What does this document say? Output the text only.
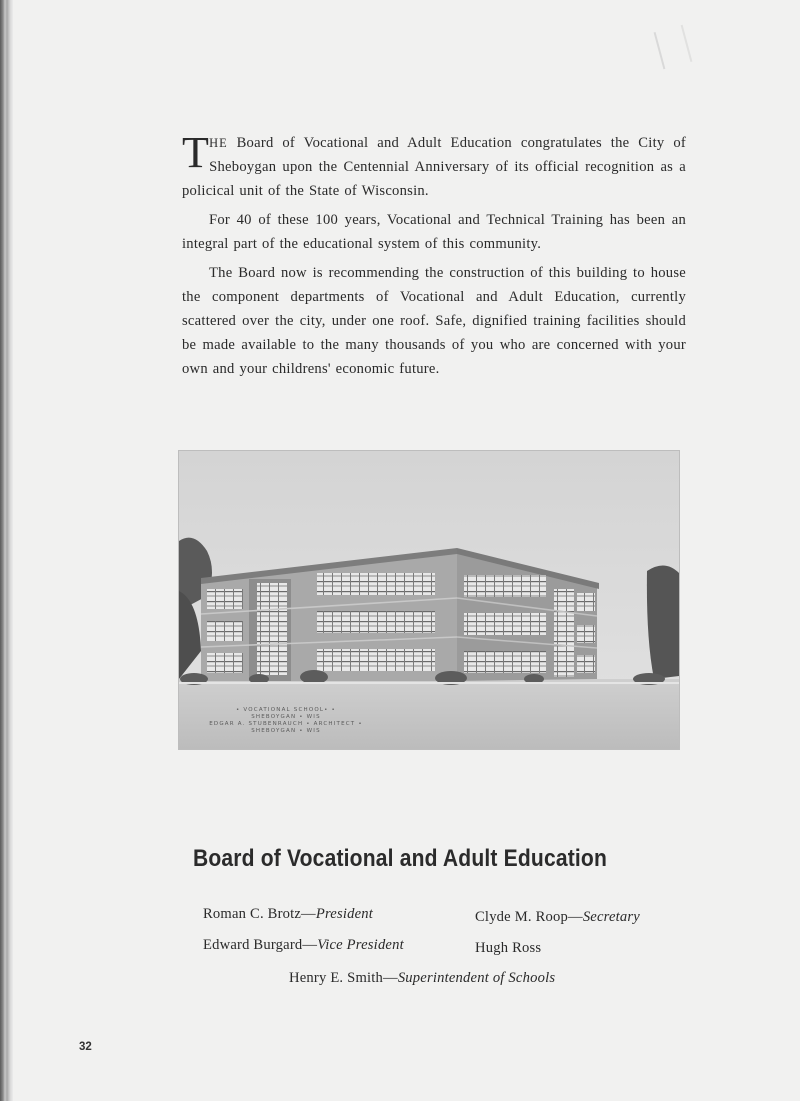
THE Board of Vocational and Adult Education congratulates the City of Sheboygan upon the Centennial Anniversary of its official recognition as a policical unit of the State of Wisconsin.

For 40 of these 100 years, Vocational and Technical Training has been an integral part of the educational system of this community.

The Board now is recommending the construction of this building to house the component departments of Vocational and Adult Education, currently scattered over the city, under one roof. Safe, dignified training facilities should be made available to the many thousands of you who are concerned with your own and your childrens' economic future.

• VOCATIONAL SCHOOL• •
SHEBOYGAN • WIS
EDGAR A. STUBENRAUCH • ARCHITECT •
SHEBOYGAN • WIS
Board of Vocational and Adult Education
Roman C. Brotz—President	Clyde M. Roop—Secretary
Edward Burgard—Vice President	Hugh Ross
Henry E. Smith—Superintendent of Schools
32
